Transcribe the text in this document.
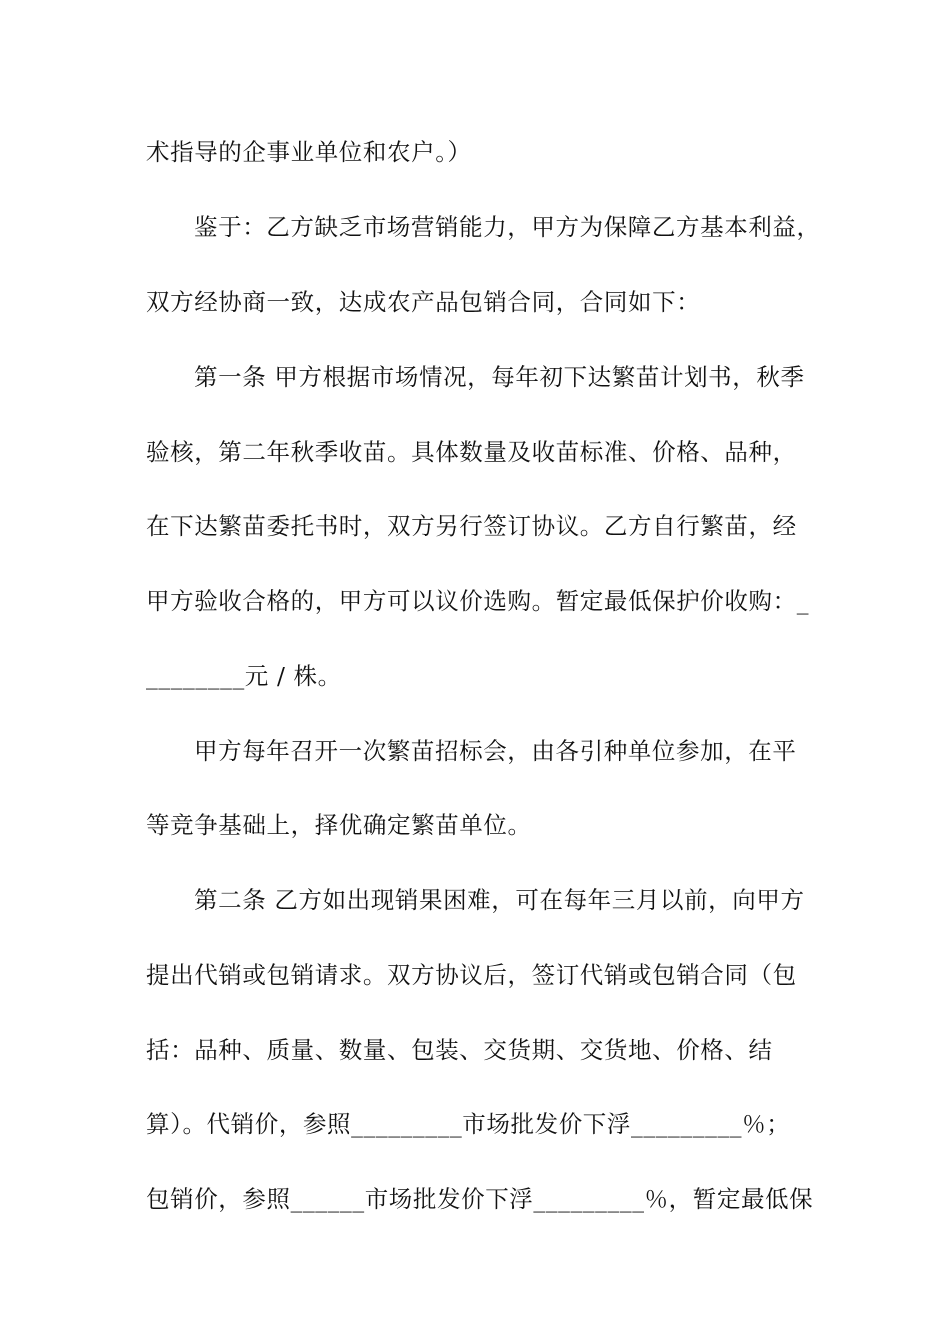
术指导的企事业单位和农户。）
鉴于：乙方缺乏市场营销能力，甲方为保障乙方基本利益，
双方经协商一致，达成农产品包销合同，合同如下：
第一条 甲方根据市场情况，每年初下达繁苗计划书，秋季
验核，第二年秋季收苗。具体数量及收苗标准、价格、品种，
在下达繁苗委托书时，双方另行签订协议。乙方自行繁苗，经
甲方验收合格的，甲方可以议价选购。暂定最低保护价收购：_
________元 / 株。
甲方每年召开一次繁苗招标会，由各引种单位参加，在平
等竞争基础上，择优确定繁苗单位。
第二条 乙方如出现销果困难，可在每年三月以前，向甲方
提出代销或包销请求。双方协议后，签订代销或包销合同（包
括：品种、质量、数量、包装、交货期、交货地、价格、结
算）。代销价，参照_________市场批发价下浮_________％；
包销价，参照______市场批发价下浮_________％，暂定最低保
